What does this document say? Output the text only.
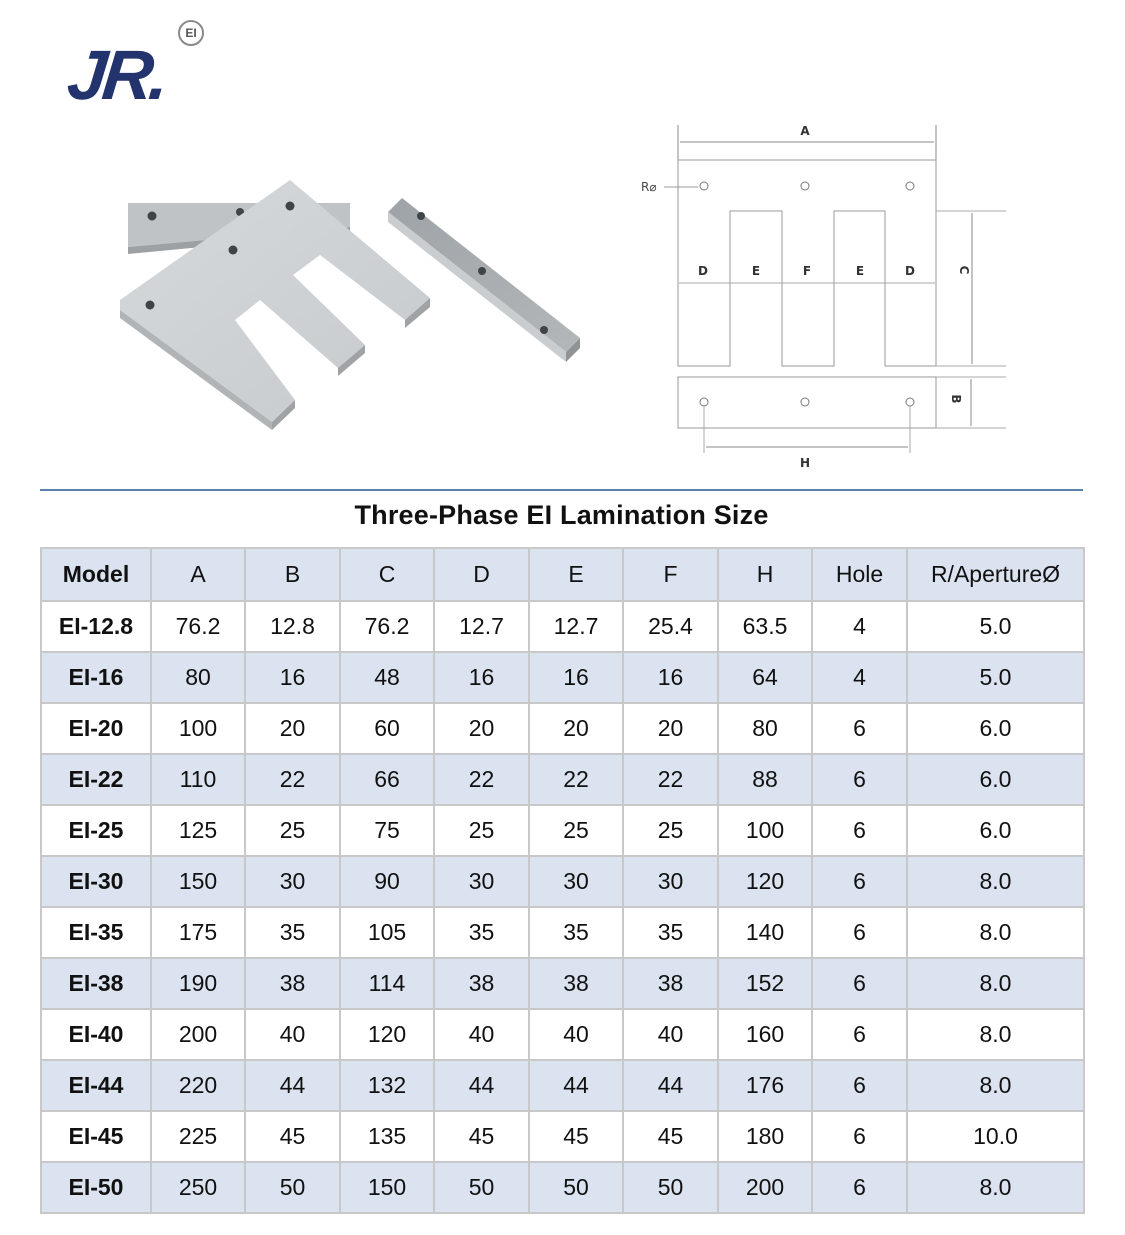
JR.
EI
A
R⌀
D	E	F	E	D	C
B
H
Three-Phase EI Lamination Size
Model	A	B	C	D	E	F	H	Hole	R/ApertureØ
EI-12.8	76.2	12.8	76.2	12.7	12.7	25.4	63.5	4	5.0
EI-16	80	16	48	16	16	16	64	4	5.0
EI-20	100	20	60	20	20	20	80	6	6.0
EI-22	110	22	66	22	22	22	88	6	6.0
EI-25	125	25	75	25	25	25	100	6	6.0
EI-30	150	30	90	30	30	30	120	6	8.0
EI-35	175	35	105	35	35	35	140	6	8.0
EI-38	190	38	114	38	38	38	152	6	8.0
EI-40	200	40	120	40	40	40	160	6	8.0
EI-44	220	44	132	44	44	44	176	6	8.0
EI-45	225	45	135	45	45	45	180	6	10.0
EI-50	250	50	150	50	50	50	200	6	8.0
